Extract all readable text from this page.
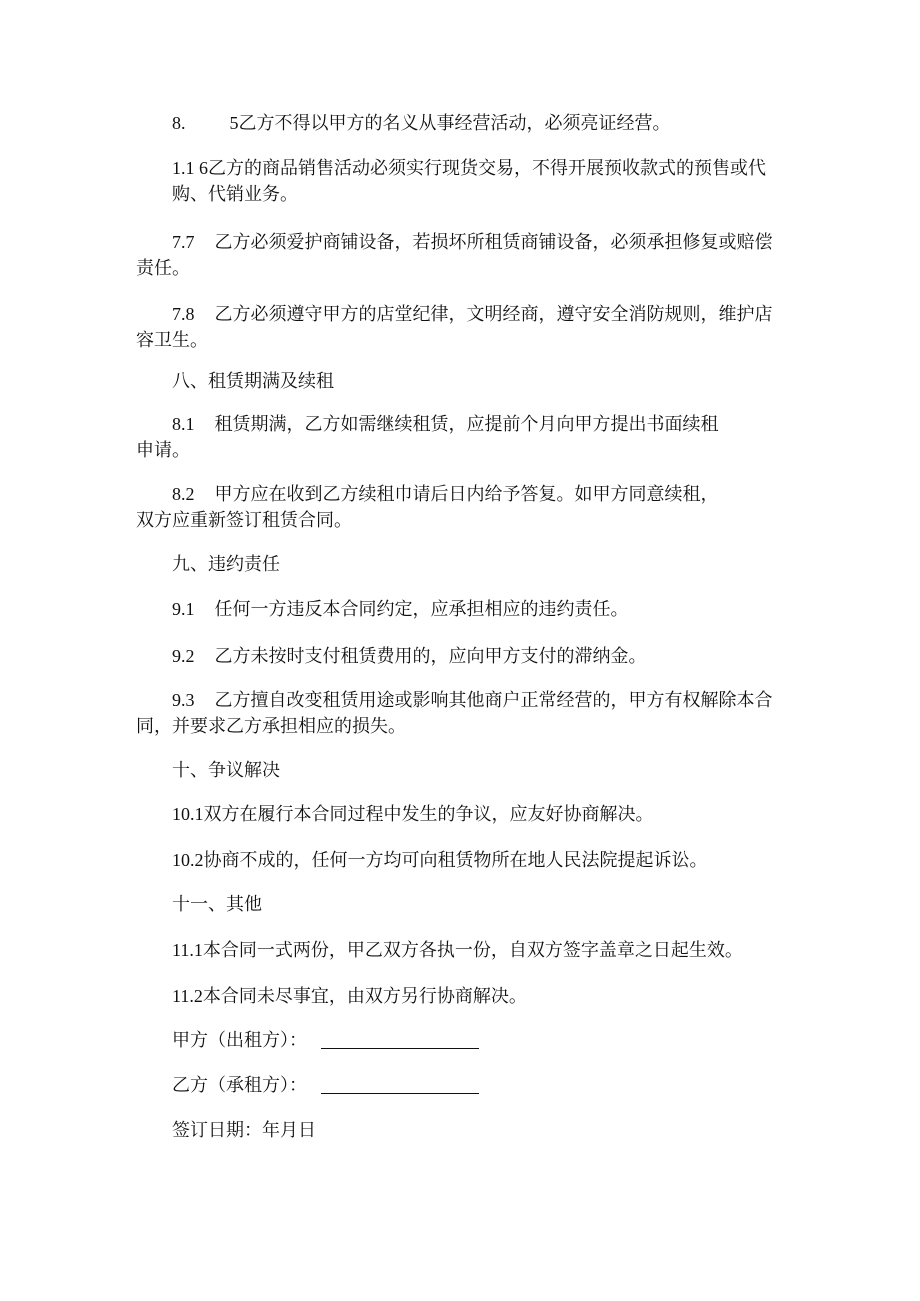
8. 5乙方不得以甲方的名义从事经营活动，必须亮证经营。
1.1 6乙方的商品销售活动必须实行现货交易，不得开展预收款式的预售或代
购、代销业务。
7.7 乙方必须爱护商铺设备，若损坏所租赁商铺设备，必须承担修复或赔偿
责任。
7.8 乙方必须遵守甲方的店堂纪律，文明经商，遵守安全消防规则，维护店
容卫生。
八、租赁期满及续租
8.1 租赁期满，乙方如需继续租赁，应提前个月向甲方提出书面续租
申请。
8.2 甲方应在收到乙方续租巾请后日内给予答复。如甲方同意续租，
双方应重新签订租赁合同。
九、违约责任
9.1 任何一方违反本合同约定，应承担相应的违约责任。
9.2 乙方未按时支付租赁费用的，应向甲方支付的滞纳金。
9.3 乙方擅自改变租赁用途或影响其他商户正常经营的，甲方有权解除本合
同，并要求乙方承担相应的损失。
十、争议解决
10.1双方在履行本合同过程中发生的争议，应友好协商解决。
10.2协商不成的，任何一方均可向租赁物所在地人民法院提起诉讼。
十一、其他
11.1本合同一式两份，甲乙双方各执一份，自双方签字盖章之日起生效。
11.2本合同未尽事宜，由双方另行协商解决。
甲方（出租方）：
乙方（承租方）：
签订日期：年月日
